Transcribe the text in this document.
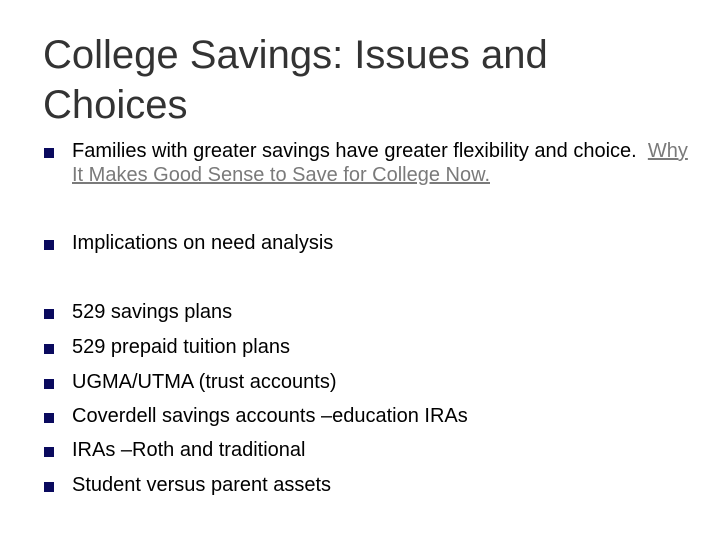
College Savings: Issues and Choices
Families with greater savings have greater flexibility and choice. Why It Makes Good Sense to Save for College Now.
Implications on need analysis
529 savings plans
529 prepaid tuition plans
UGMA/UTMA (trust accounts)
Coverdell savings accounts –education IRAs
IRAs –Roth and traditional
Student versus parent assets
